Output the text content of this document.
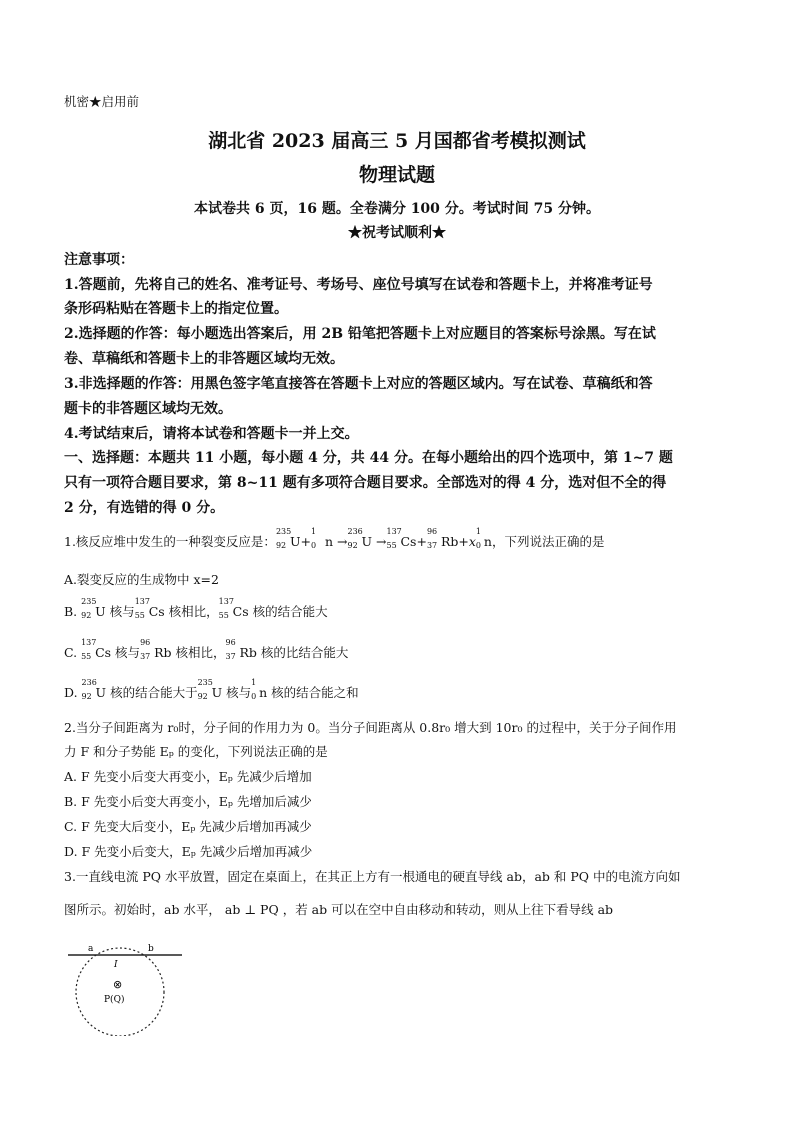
机密★启用前
湖北省 2023 届高三 5 月国都省考模拟测试
物理试题
本试卷共 6 页，16 题。全卷满分 100 分。考试时间 75 分钟。
★祝考试顺利★
注意事项：
1.答题前，先将自己的姓名、准考证号、考场号、座位号填写在试卷和答题卡上，并将准考证号
条形码粘贴在答题卡上的指定位置。
2.选择题的作答：每小题选出答案后，用 2B 铅笔把答题卡上对应题目的答案标号涂黑。写在试
卷、草稿纸和答题卡上的非答题区域均无效。
3.非选择题的作答：用黑色签字笔直接答在答题卡上对应的答题区域内。写在试卷、草稿纸和答
题卡的非答题区域均无效。
4.考试结束后，请将本试卷和答题卡一并上交。
一、选择题：本题共 11 小题，每小题 4 分，共 44 分。在每小题给出的四个选项中，第 1~7 题
只有一项符合题目要求，第 8~11 题有多项符合题目要求。全部选对的得 4 分，选对但不全的得
2 分，有选错的得 0 分。
1.核反应堆中发生的一种裂变反应是：
235
92 U+
1
0 n →
236
92 U →
137
55 Cs+
96
37 Rb+x
1
0 n，下列说法正确的是
A.裂变反应的生成物中 x=2
B.
235
92 U 核与
137
55 Cs 核相比，
137
55 Cs 核的结合能大
C.
137
55 Cs 核与
96
37 Rb 核相比，
96
37 Rb 核的比结合能大
D.
236
92 U 核的结合能大于
235
92 U 核与
1
0 n 核的结合能之和
2.当分子间距离为 r₀时，分子间的作用力为 0。当分子间距离从 0.8r₀ 增大到 10r₀ 的过程中，关于分子间作用
力 F 和分子势能 Eₚ 的变化，下列说法正确的是
A. F 先变小后变大再变小，Eₚ 先减少后增加
B. F 先变小后变大再变小，Eₚ 先增加后减少
C. F 先变大后变小，Eₚ 先减少后增加再减少
D. F 先变小后变大，Eₚ 先减少后增加再减少
3.一直线电流 PQ 水平放置，固定在桌面上，在其正上方有一根通电的硬直导线 ab，ab 和 PQ 中的电流方向如
图所示。初始时，ab 水平， ab ⊥ PQ ，若 ab 可以在空中自由移动和转动，则从上往下看导线 ab
a	b
I
⊗
P(Q)
